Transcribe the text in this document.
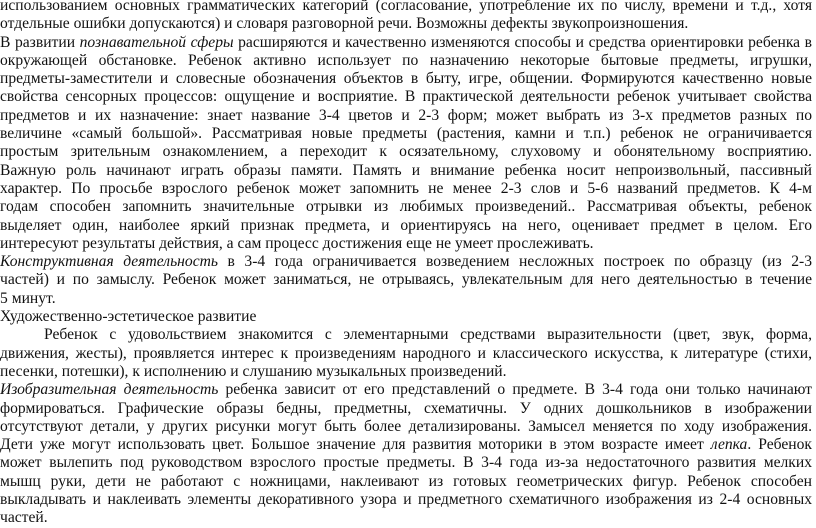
использованием основных грамматических категорий (согласование, употребление их по числу, времени и т.д., хотя
отдельные ошибки допускаются) и словаря разговорной речи. Возможны дефекты звукопроизношения.
В развитии познавательной сферы расширяются и качественно изменяются способы и средства ориентировки ребенка в
окружающей обстановке. Ребенок активно использует по назначению некоторые бытовые предметы, игрушки,
предметы-заместители и словесные обозначения объектов в быту, игре, общении. Формируются качественно новые
свойства сенсорных процессов: ощущение и восприятие. В практической деятельности ребенок учитывает свойства
предметов и их назначение: знает название 3-4 цветов и 2-3 форм; может выбрать из 3-х предметов разных по
величине «самый большой». Рассматривая новые предметы (растения, камни и т.п.) ребенок не ограничивается
простым зрительным ознакомлением, а переходит к осязательному, слуховому и обонятельному восприятию.
Важную роль начинают играть образы памяти. Память и внимание ребенка носит непроизвольный, пассивный
характер. По просьбе взрослого ребенок может запомнить не менее 2-3 слов и 5-6 названий предметов. К 4-м
годам способен запомнить значительные отрывки из любимых произведений.. Рассматривая объекты, ребенок
выделяет один, наиболее яркий признак предмета, и ориентируясь на него, оценивает предмет в целом. Его
интересуют результаты действия, а сам процесс достижения еще не умеет прослеживать.
Конструктивная деятельность в 3-4 года ограничивается возведением несложных построек по образцу (из 2-3
частей) и по замыслу. Ребенок может заниматься, не отрываясь, увлекательным для него деятельностью в течение
5 минут.
Художественно-эстетическое развитие
Ребенок с удовольствием знакомится с элементарными средствами выразительности (цвет, звук, форма,
движения, жесты), проявляется интерес к произведениям народного и классического искусства, к литературе (стихи,
песенки, потешки), к исполнению и слушанию музыкальных произведений.
Изобразительная деятельность ребенка зависит от его представлений о предмете. В 3-4 года они только начинают
формироваться. Графические образы бедны, предметны, схематичны. У одних дошкольников в изображении
отсутствуют детали, у других рисунки могут быть более детализированы. Замысел меняется по ходу изображения.
Дети уже могут использовать цвет. Большое значение для развития моторики в этом возрасте имеет лепка. Ребенок
может вылепить под руководством взрослого простые предметы. В 3-4 года из-за недостаточного развития мелких
мышц руки, дети не работают с ножницами, наклеивают из готовых геометрических фигур. Ребенок способен
выкладывать и наклеивать элементы декоративного узора и предметного схематичного изображения из 2-4 основных
частей.
